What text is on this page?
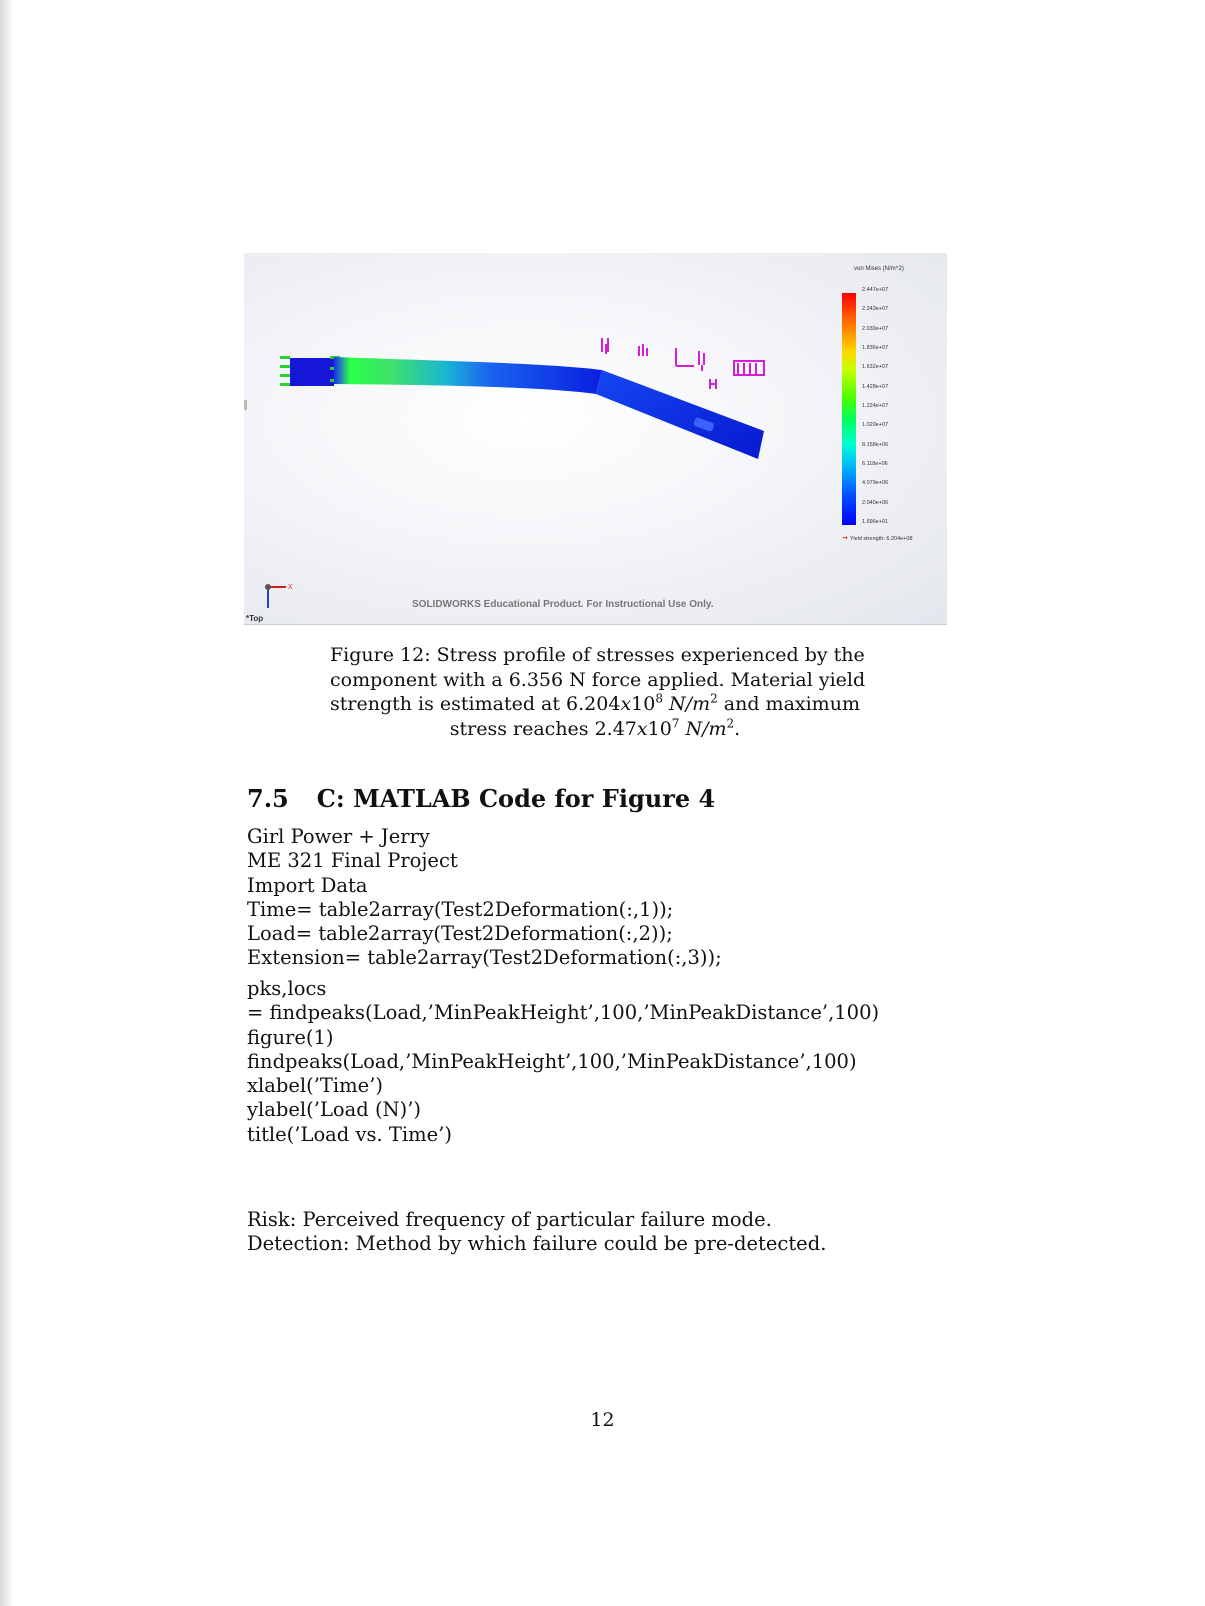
von Mises (N/m^2)
2.447e+07
2.243e+07
2.039e+07
1.836e+07
1.632e+07
1.428e+07
1.224e+07
1.020e+07
8.158e+06
6.118e+06
4.079e+06
2.040e+06
1.696e+01
➞ Yield strength: 6.204e+08
SOLIDWORKS Educational Product. For Instructional Use Only.
X
*Top
Figure 12: Stress profile of stresses experienced by the
component with a 6.356 N force applied. Material yield
strength is estimated at $6.204x10^8$ $N/m^2$ and maximum
stress reaches $2.47x10^7$ $N/m^2$.
7.5 C: MATLAB Code for Figure 4
Girl Power + Jerry
ME 321 Final Project
Import Data
Time= table2array(Test2Deformation(:,1));
Load= table2array(Test2Deformation(:,2));
Extension= table2array(Test2Deformation(:,3));
pks,locs
= findpeaks(Load,’MinPeakHeight’,100,’MinPeakDistance’,100)
figure(1)
findpeaks(Load,’MinPeakHeight’,100,’MinPeakDistance’,100)
xlabel(’Time’)
ylabel(’Load (N)’)
title(’Load vs. Time’)
Risk: Perceived frequency of particular failure mode.
Detection: Method by which failure could be pre-detected.
12
